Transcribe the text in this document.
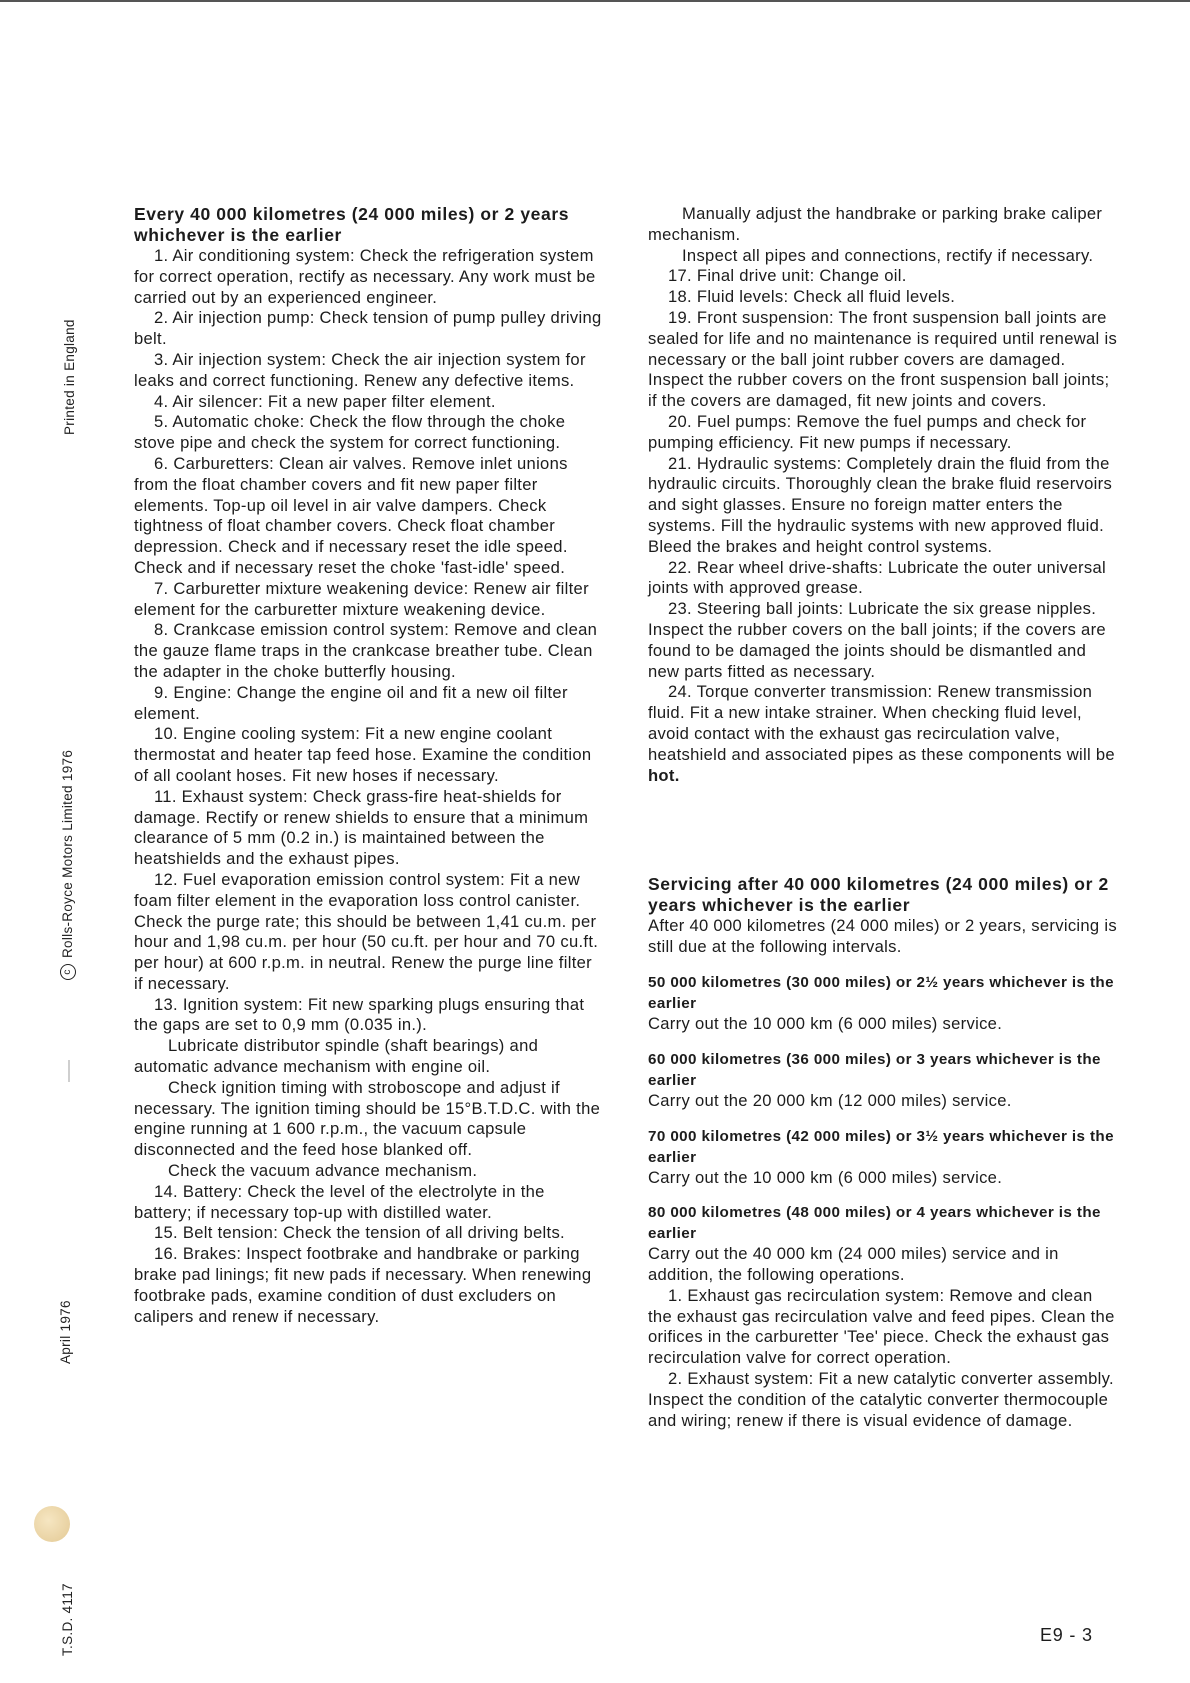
Printed in England
cRolls-Royce Motors Limited 1976
April 1976
T.S.D. 4117

Every 40 000 kilometres (24 000 miles) or 2 years whichever is the earlier

1. Air conditioning system: Check the refrigeration system for correct operation, rectify as necessary. Any work must be carried out by an experienced engineer.

2. Air injection pump: Check tension of pump pulley driving belt.

3. Air injection system: Check the air injection system for leaks and correct functioning. Renew any defective items.

4. Air silencer: Fit a new paper filter element.

5. Automatic choke: Check the flow through the choke stove pipe and check the system for correct functioning.

6. Carburetters: Clean air valves. Remove inlet unions from the float chamber covers and fit new paper filter elements. Top-up oil level in air valve dampers. Check tightness of float chamber covers. Check float chamber depression. Check and if necessary reset the idle speed. Check and if necessary reset the choke 'fast-idle' speed.

7. Carburetter mixture weakening device: Renew air filter element for the carburetter mixture weakening device.

8. Crankcase emission control system: Remove and clean the gauze flame traps in the crankcase breather tube. Clean the adapter in the choke butterfly housing.

9. Engine: Change the engine oil and fit a new oil filter element.

10. Engine cooling system: Fit a new engine coolant thermostat and heater tap feed hose. Examine the condition of all coolant hoses. Fit new hoses if necessary.

11. Exhaust system: Check grass-fire heat-shields for damage. Rectify or renew shields to ensure that a minimum clearance of 5 mm (0.2 in.) is maintained between the heatshields and the exhaust pipes.

12. Fuel evaporation emission control system: Fit a new foam filter element in the evaporation loss control canister. Check the purge rate; this should be between 1,41 cu.m. per hour and 1,98 cu.m. per hour (50 cu.ft. per hour and 70 cu.ft. per hour) at 600 r.p.m. in neutral. Renew the purge line filter if necessary.

13. Ignition system: Fit new sparking plugs ensuring that the gaps are set to 0,9 mm (0.035 in.).

Lubricate distributor spindle (shaft bearings) and automatic advance mechanism with engine oil.

Check ignition timing with stroboscope and adjust if necessary. The ignition timing should be 15°B.T.D.C. with the engine running at 1 600 r.p.m., the vacuum capsule disconnected and the feed hose blanked off.

Check the vacuum advance mechanism.

14. Battery: Check the level of the electrolyte in the battery; if necessary top-up with distilled water.

15. Belt tension: Check the tension of all driving belts.

16. Brakes: Inspect footbrake and handbrake or parking brake pad linings; fit new pads if necessary. When renewing footbrake pads, examine condition of dust excluders on calipers and renew if necessary.

Manually adjust the handbrake or parking brake caliper mechanism.

Inspect all pipes and connections, rectify if necessary.

17. Final drive unit: Change oil.

18. Fluid levels: Check all fluid levels.

19. Front suspension: The front suspension ball joints are sealed for life and no maintenance is required until renewal is necessary or the ball joint rubber covers are damaged. Inspect the rubber covers on the front suspension ball joints; if the covers are damaged, fit new joints and covers.

20. Fuel pumps: Remove the fuel pumps and check for pumping efficiency. Fit new pumps if necessary.

21. Hydraulic systems: Completely drain the fluid from the hydraulic circuits. Thoroughly clean the brake fluid reservoirs and sight glasses. Ensure no foreign matter enters the systems. Fill the hydraulic systems with new approved fluid. Bleed the brakes and height control systems.

22. Rear wheel drive-shafts: Lubricate the outer universal joints with approved grease.

23. Steering ball joints: Lubricate the six grease nipples. Inspect the rubber covers on the ball joints; if the covers are found to be damaged the joints should be dismantled and new parts fitted as necessary.

24. Torque converter transmission: Renew transmission fluid. Fit a new intake strainer. When checking fluid level, avoid contact with the exhaust gas recirculation valve, heatshield and associated pipes as these components will be hot.

Servicing after 40 000 kilometres (24 000 miles) or 2 years whichever is the earlier

After 40 000 kilometres (24 000 miles) or 2 years, servicing is still due at the following intervals.

50 000 kilometres (30 000 miles) or 2½ years whichever is the earlier

Carry out the 10 000 km (6 000 miles) service.

60 000 kilometres (36 000 miles) or 3 years whichever is the earlier

Carry out the 20 000 km (12 000 miles) service.

70 000 kilometres (42 000 miles) or 3½ years whichever is the earlier

Carry out the 10 000 km (6 000 miles) service.

80 000 kilometres (48 000 miles) or 4 years whichever is the earlier

Carry out the 40 000 km (24 000 miles) service and in addition, the following operations.

1. Exhaust gas recirculation system: Remove and clean the exhaust gas recirculation valve and feed pipes. Clean the orifices in the carburetter 'Tee' piece. Check the exhaust gas recirculation valve for correct operation.

2. Exhaust system: Fit a new catalytic converter assembly. Inspect the condition of the catalytic converter thermocouple and wiring; renew if there is visual evidence of damage.

E9 - 3
